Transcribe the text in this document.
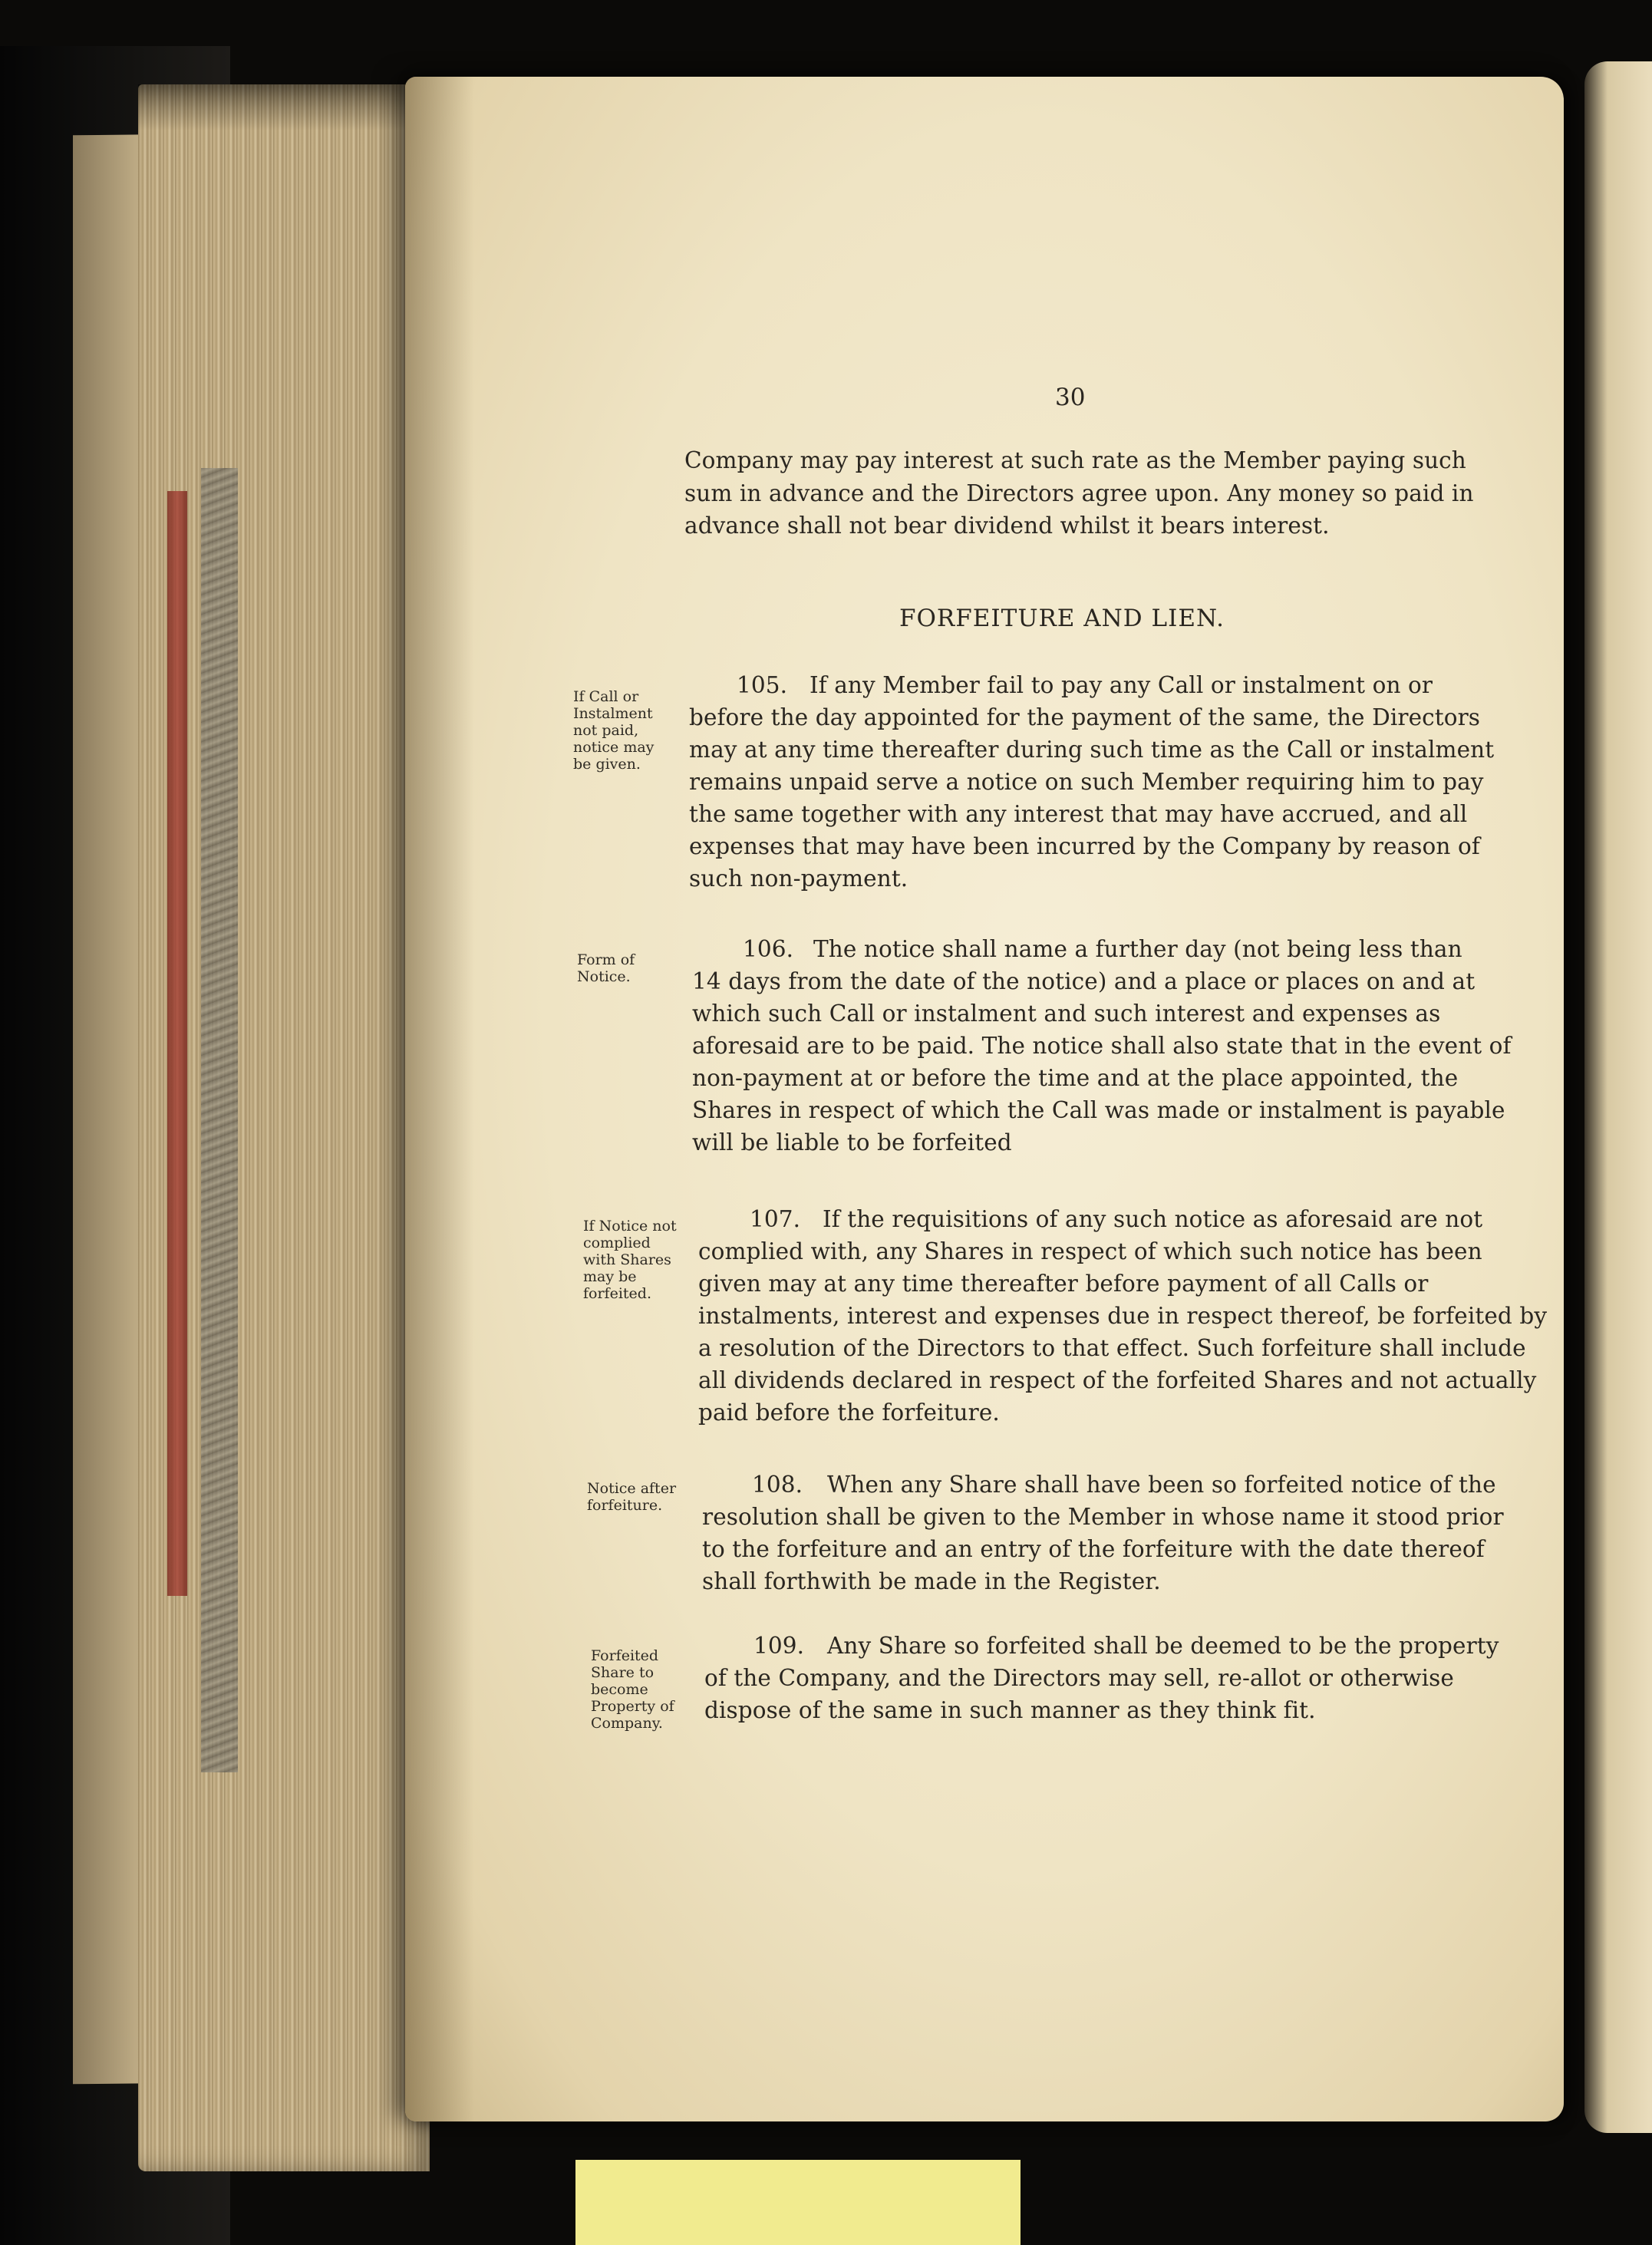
30
Company may pay interest at such rate as the Member paying such
sum in advance and the Directors agree upon. Any money so paid in
advance shall not bear dividend whilst it bears interest.
FORFEITURE AND LIEN.
If Call or
Instalment
not paid,
notice may
be given.
105. If any Member fail to pay any Call or instalment on or
before the day appointed for the payment of the same, the Directors
may at any time thereafter during such time as the Call or instalment
remains unpaid serve a notice on such Member requiring him to pay
the same together with any interest that may have accrued, and all
expenses that may have been incurred by the Company by reason of
such non-payment.
Form of
Notice.
106. The notice shall name a further day (not being less than
14 days from the date of the notice) and a place or places on and at
which such Call or instalment and such interest and expenses as
aforesaid are to be paid. The notice shall also state that in the event of
non-payment at or before the time and at the place appointed, the
Shares in respect of which the Call was made or instalment is payable
will be liable to be forfeited
If Notice not
complied
with Shares
may be
forfeited.
107. If the requisitions of any such notice as aforesaid are not
complied with, any Shares in respect of which such notice has been
given may at any time thereafter before payment of all Calls or
instalments, interest and expenses due in respect thereof, be forfeited by
a resolution of the Directors to that effect. Such forfeiture shall include
all dividends declared in respect of the forfeited Shares and not actually
paid before the forfeiture.
Notice after
forfeiture.
108. When any Share shall have been so forfeited notice of the
resolution shall be given to the Member in whose name it stood prior
to the forfeiture and an entry of the forfeiture with the date thereof
shall forthwith be made in the Register.
Forfeited
Share to
become
Property of
Company.
109. Any Share so forfeited shall be deemed to be the property
of the Company, and the Directors may sell, re-allot or otherwise
dispose of the same in such manner as they think fit.
